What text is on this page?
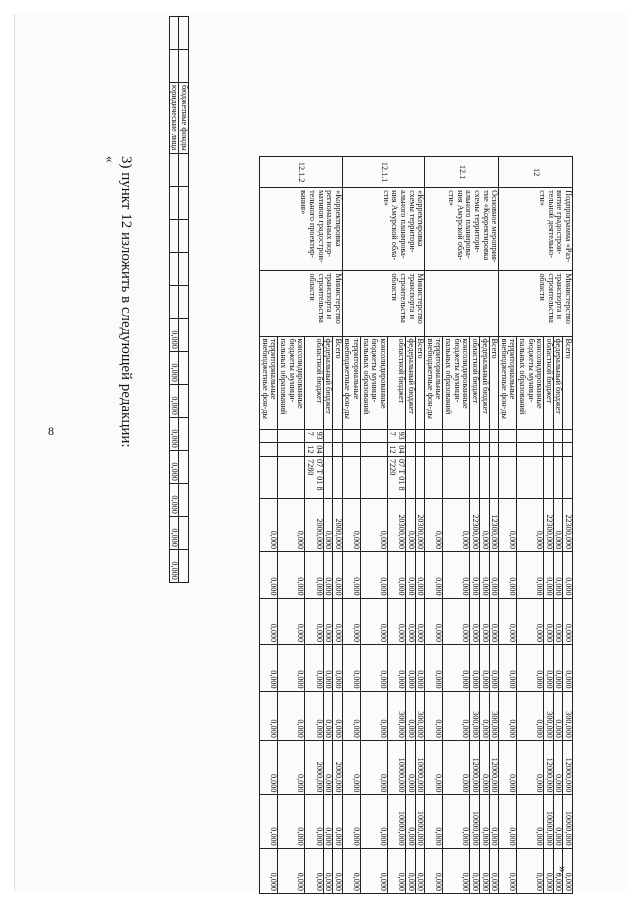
8	3) пункт 12 изложить в следующей редакции:
«
».
		бюджетные фонды													
		юридические лица						0,000	0,000	0,000	0,000	0,000	0,000	0,000	0,000
12	Подпрограмма «Раз-витие градострои-тельной деятельно-сти»	Министерство транспорта и строительства области	Всего				22300,000	0,000	0,000	0,000	300,000	12000,000	10000,000	0,000
			федеральный бюджет				0,000	0,000	0,000	0,000	0,000	0,000	0,000	0,000
			областной бюджет				22300,000	0,000	0,000	0,000	300,000	12000,000	10000,000	0,000
			консолидированные бюджеты муници-пальных образований				0,000	0,000	0,000	0,000	0,000	0,000	0,000	0,000
			территориальные внебюджетные фон-ды				0,000	0,000	0,000	0,000	0,000	0,000	0,000	0,000
12.1	Основное мероприя-тие «Корректировка схемы территори-ального планирова-ния Амурской обла-сти»		Всего				12300,000	0,000	0,000	0,000	300,000	12000,000	0,000	0,000
			федеральный бюджет				0,000	0,000	0,000	0,000	0,000	0,000	0,000	0,000
			областной бюджет				22300,000	0,000	0,000	0,000	300,000	12000,000	10000,000	0,000
			консолидированные бюджеты муници-пальных образований				0,000	0,000	0,000	0,000	0,000	0,000	0,000	0,000
			территориальные внебюджетные фон-ды				0,000	0,000	0,000	0,000	0,000	0,000	0,000	0,000
12.1.1	«Корректировка схемы территори-ального планирова-ния Амурской обла-сти»	Министерство транспорта и строительства области	Всего				20300,000	0,000	0,000	0,000	300,000	10000,000	10000,000	0,000
			федеральный бюджет				0,000	0,000	0,000	0,000	0,000	0,000	0,000	0,000
			областной бюджет	93 7	04 12	07 Т 01 8 7220	20300,000	0,000	0,000	0,000	300,000	10000,000	10000,000	0,000
			консолидированные бюджеты муници-пальных образований				0,000	0,000	0,000	0,000	0,000	0,000	0,000	0,000
			территориальные внебюджетные фон-ды				0,000	0,000	0,000	0,000	0,000	0,000	0,000	0,000
12.1.2	«Корректировка региональных нор-мативов градострои-тельного проектир-вания»	Министерство транспорта и строительства области	Всего				2000,000	0,000	0,000	0,000	0,000	2000,000	0,000	0,000
			федеральный бюджет				0,000	0,000	0,000	0,000	0,000	0,000	0,000	0,000
			областной бюджет	93 7	04 12	07 Т 01 8 7280	2000,000	0,000	0,000	0,000	0,000	2000,000	0,000	0,000
			консолидированные бюджеты муници-пальных образований				0,000	0,000	0,000	0,000	0,000	0,000	0,000	0,000
			территориальные внебюджетные фон-ды				0,000	0,000	0,000	0,000	0,000	0,000	0,000	0,000
